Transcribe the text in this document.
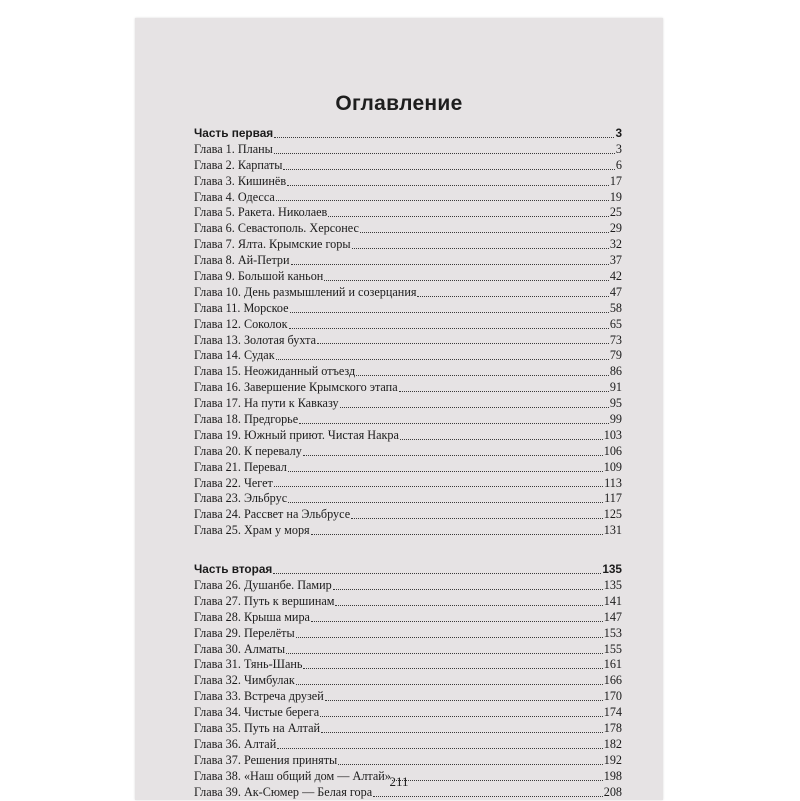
Оглавление
Часть первая	3
Глава 1. Планы	3
Глава 2. Карпаты	6
Глава 3. Кишинёв	17
Глава 4. Одесса	19
Глава 5. Ракета. Николаев	25
Глава 6. Севастополь. Херсонес	29
Глава 7. Ялта. Крымские горы	32
Глава 8. Ай-Петри	37
Глава 9. Большой каньон	42
Глава 10. День размышлений и созерцания	47
Глава 11. Морское	58
Глава 12. Соколок	65
Глава 13. Золотая бухта	73
Глава 14. Судак	79
Глава 15. Неожиданный отъезд	86
Глава 16. Завершение Крымского этапа	91
Глава 17. На пути к Кавказу	95
Глава 18. Предгорье	99
Глава 19. Южный приют. Чистая Накра	103
Глава 20. К перевалу	106
Глава 21. Перевал	109
Глава 22. Чегет	113
Глава 23. Эльбрус	117
Глава 24. Рассвет на Эльбрусе	125
Глава 25. Храм у моря	131
Часть вторая	135
Глава 26. Душанбе. Памир	135
Глава 27. Путь к вершинам	141
Глава 28. Крыша мира	147
Глава 29. Перелёты	153
Глава 30. Алматы	155
Глава 31. Тянь-Шань	161
Глава 32. Чимбулак	166
Глава 33. Встреча друзей	170
Глава 34. Чистые берега	174
Глава 35. Путь на Алтай	178
Глава 36. Алтай	182
Глава 37. Решения приняты	192
Глава 38. «Наш общий дом — Алтай»	198
Глава 39. Ак-Сюмер — Белая гора	208
211
